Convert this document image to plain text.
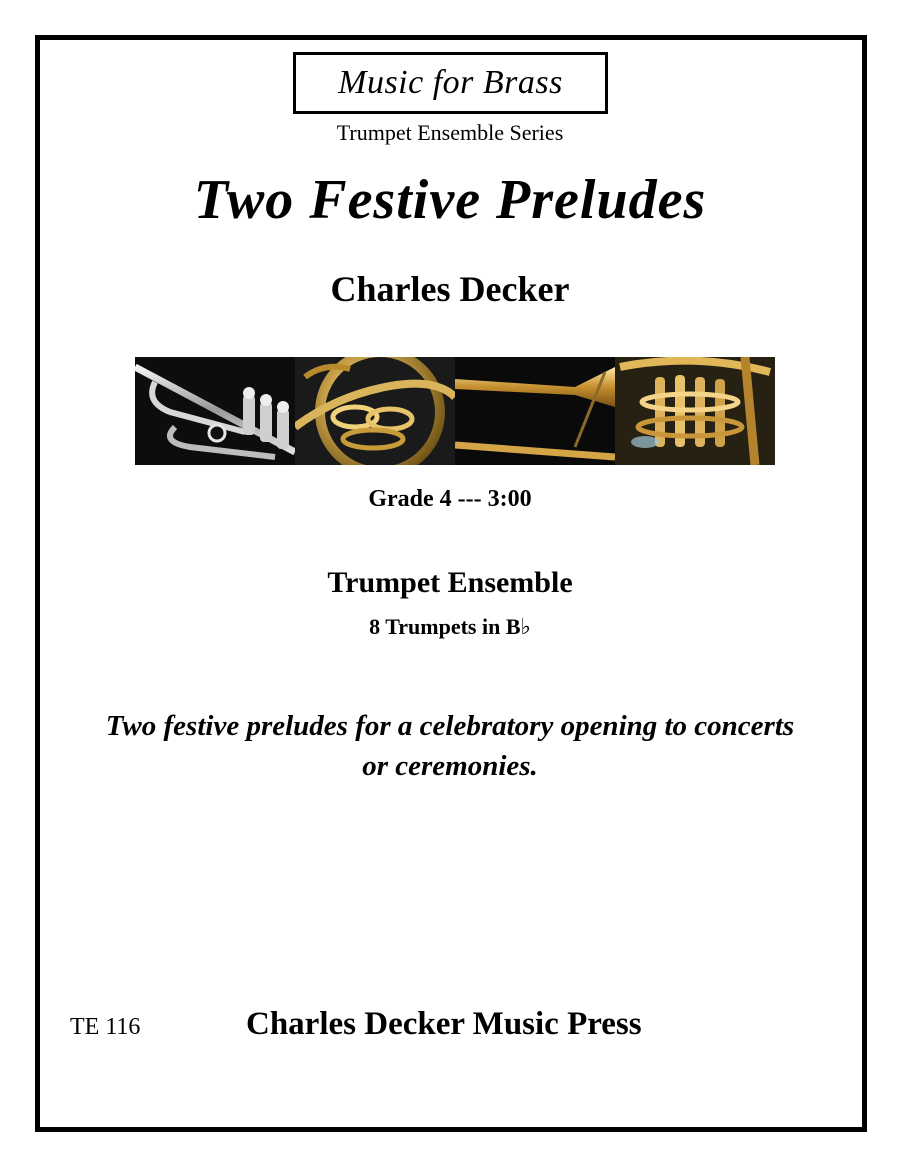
Music for Brass
Trumpet Ensemble Series
Two Festive Preludes
Charles Decker
Grade 4 --- 3:00
Trumpet Ensemble
8 Trumpets in B♭
Two festive preludes for a celebratory opening to concerts or ceremonies.
TE 116	Charles Decker Music Press
